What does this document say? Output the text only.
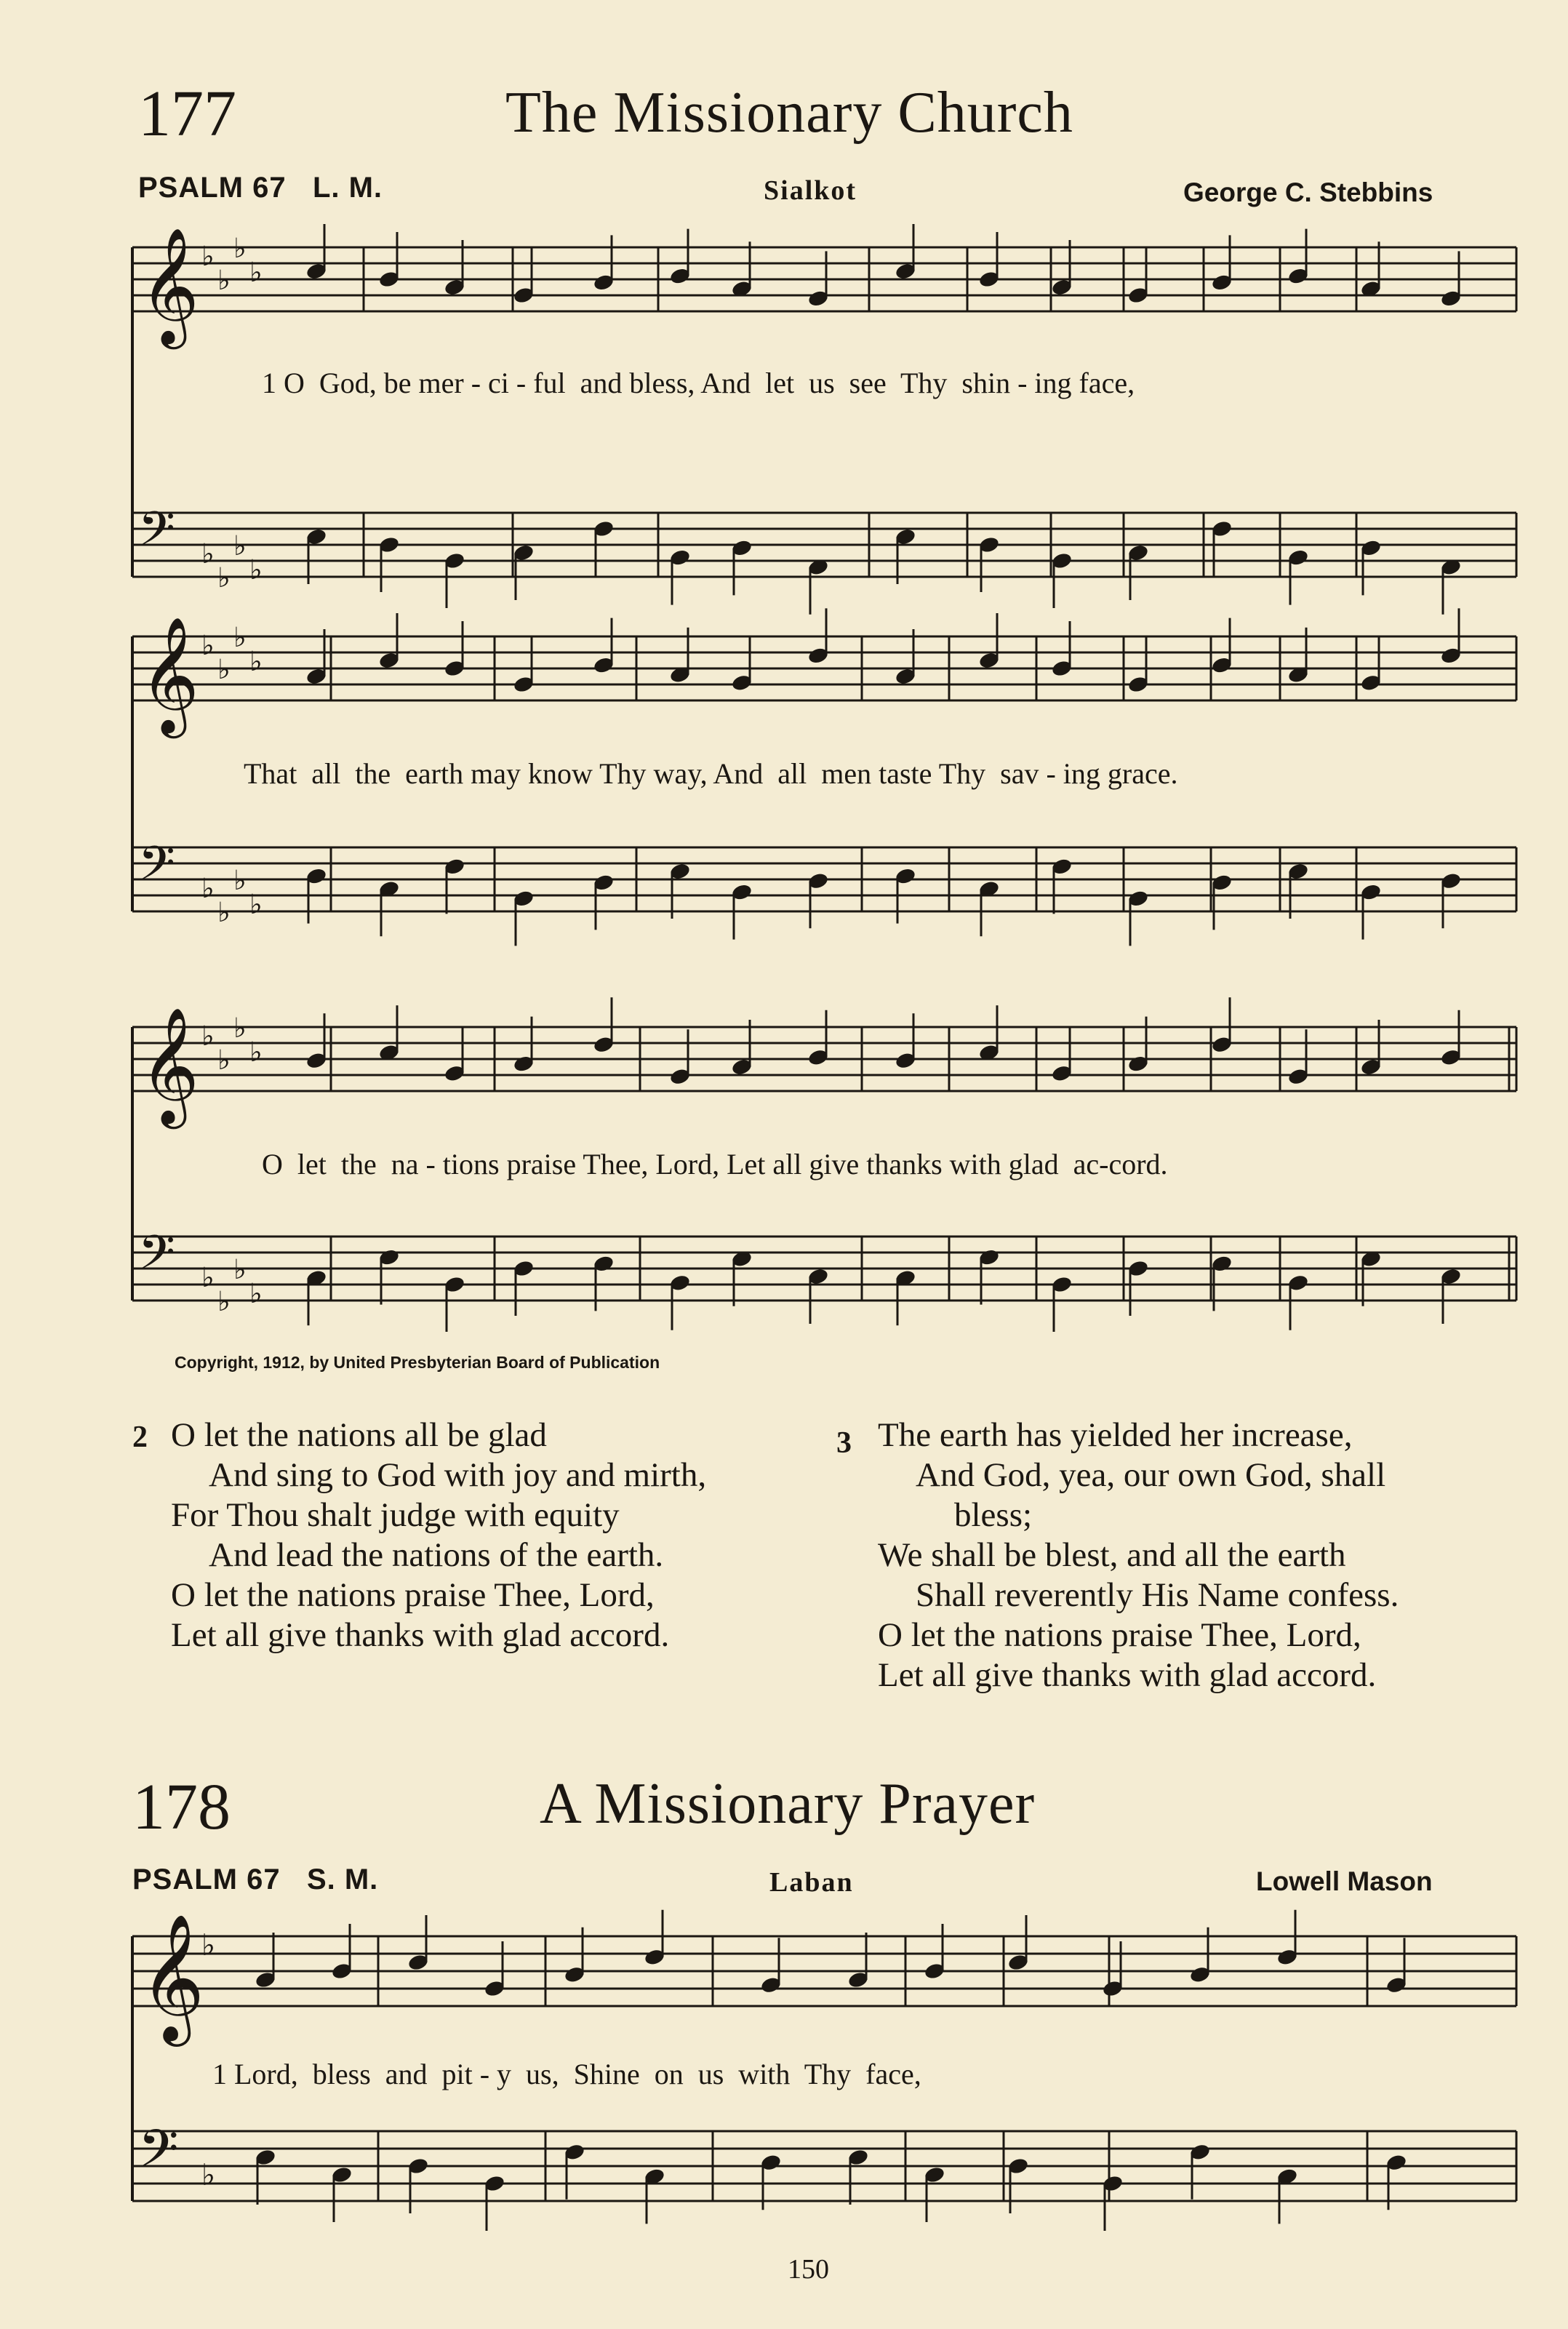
177	The Missionary Church
PSALM 67   L. M.	Sialkot	George C. Stebbins
𝄞
𝄢
♭
♭
♭
♭
♭
♭
♭
♭
𝄞
𝄢
♭
♭
♭
♭
♭
♭
♭
♭
𝄞
𝄢
♭
♭
♭
♭
♭
♭
♭
♭
1 O  God, be mer - ci - ful  and bless, And  let  us  see  Thy  shin - ing face,
That  all  the  earth may know Thy way, And  all  men taste Thy  sav - ing grace.
O  let  the  na - tions praise Thee, Lord, Let all give thanks with glad  ac-cord.
Copyright, 1912, by United Presbyterian Board of Publication
2 O let the nations all be glad
And sing to God with joy and mirth,
For Thou shalt judge with equity
And lead the nations of the earth.
O let the nations praise Thee, Lord,
Let all give thanks with glad accord.
3 The earth has yielded her increase,
And God, yea, our own God, shall
bless;
We shall be blest, and all the earth
Shall reverently His Name confess.
O let the nations praise Thee, Lord,
Let all give thanks with glad accord.
178	A Missionary Prayer
PSALM 67   S. M.	Laban	Lowell Mason
𝄞
𝄢
♭
♭
1 Lord,  bless  and  pit - y  us,  Shine  on  us  with  Thy  face,
150
